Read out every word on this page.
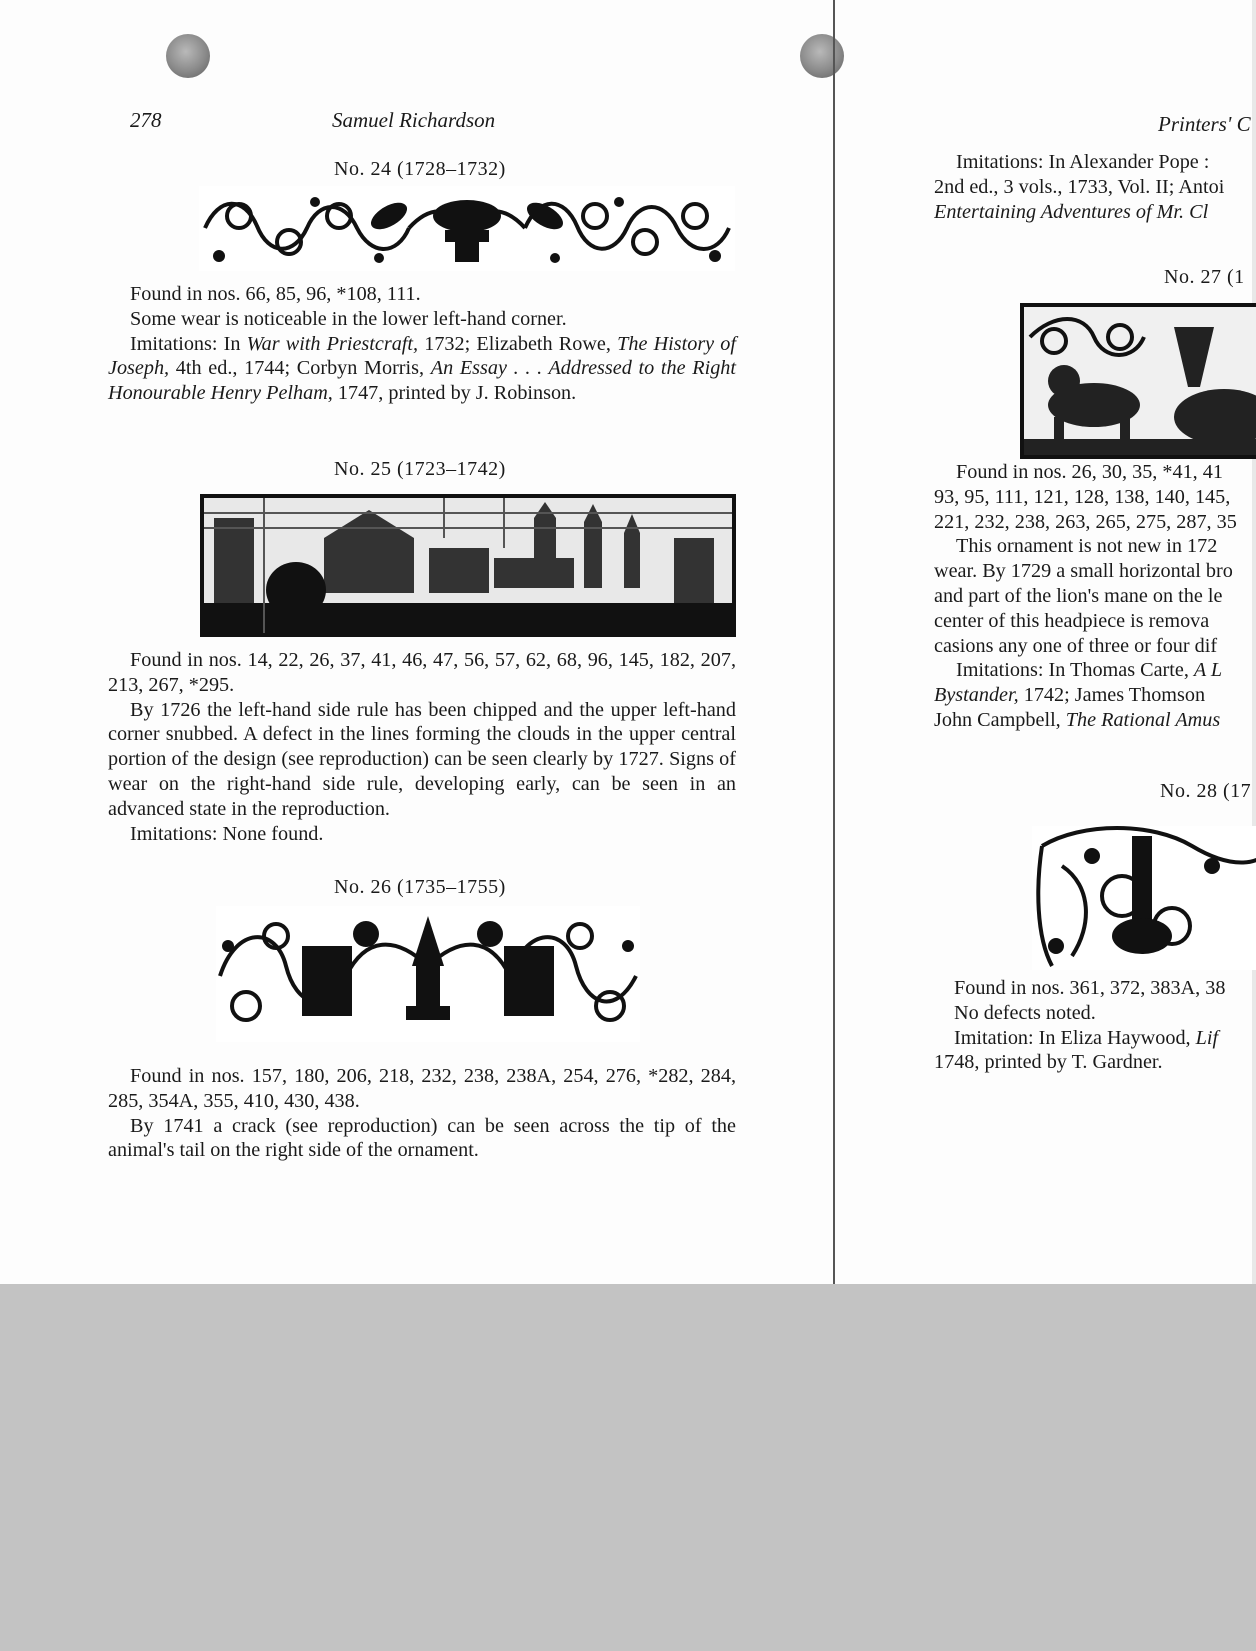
278	Samuel Richardson
No. 24 (1728–1732)

Found in nos. 66, 85, 96, *108, 111.

Some wear is noticeable in the lower left-hand corner.

Imitations: In War with Priestcraft, 1732; Elizabeth Rowe, The History of Joseph, 4th ed., 1744; Corbyn Morris, An Essay . . . Addressed to the Right Honourable Henry Pelham, 1747, printed by J. Robinson.

No. 25 (1723–1742)

Found in nos. 14, 22, 26, 37, 41, 46, 47, 56, 57, 62, 68, 96, 145, 182, 207, 213, 267, *295.

By 1726 the left-hand side rule has been chipped and the upper left-hand corner snubbed. A defect in the lines forming the clouds in the upper central portion of the design (see reproduction) can be seen clearly by 1727. Signs of wear on the right-hand side rule, developing early, can be seen in an advanced state in the reproduction.

Imitations: None found.

No. 26 (1735–1755)

Found in nos. 157, 180, 206, 218, 232, 238, 238A, 254, 276, *282, 284, 285, 354A, 355, 410, 430, 438.

By 1741 a crack (see reproduction) can be seen across the tip of the animal's tail on the right side of the ornament.

Printers' C

Imitations: In Alexander Pope :

2nd ed., 3 vols., 1733, Vol. II; Antoi

Entertaining Adventures of Mr. Cl

No. 27 (1

Found in nos. 26, 30, 35, *41, 41

93, 95, 111, 121, 128, 138, 140, 145,

221, 232, 238, 263, 265, 275, 287, 35

This ornament is not new in 172

wear. By 1729 a small horizontal bro

and part of the lion's mane on the le

center of this headpiece is remova

casions any one of three or four dif

Imitations: In Thomas Carte, A L

Bystander, 1742; James Thomson

John Campbell, The Rational Amus

No. 28 (17

Found in nos. 361, 372, 383A, 38

No defects noted.

Imitation: In Eliza Haywood, Lif

1748, printed by T. Gardner.
